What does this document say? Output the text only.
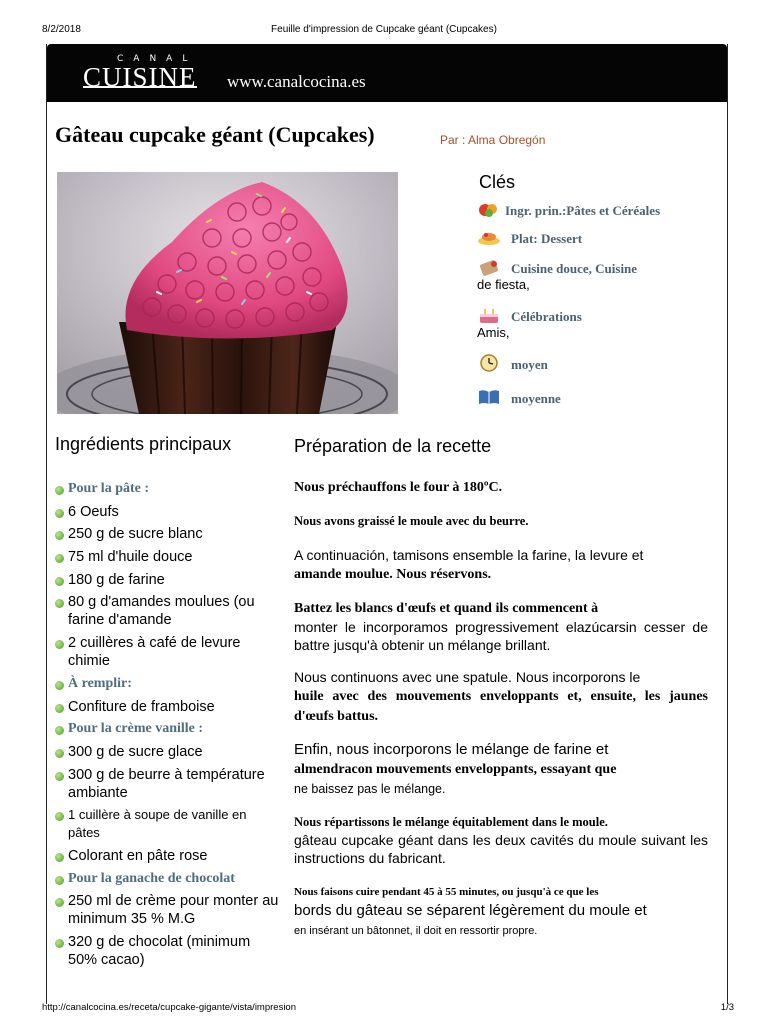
8/2/2018	Feuille d'impression de Cupcake géant (Cupcakes)
CANAL
CUISINE www.canalcocina.es
Gâteau cupcake géant (Cupcakes)	Par : Alma Obregón
Clés
Ingr. prin.:Pâtes et Céréales
Plat: Dessert
Cuisine douce, Cuisine
de fiesta,
Célébrations
Amis,
moyen
moyenne
Ingrédients principaux
Pour la pâte :
6 Oeufs
250 g de sucre blanc
75 ml d'huile douce
180 g de farine
80 g d'amandes moulues (ou farine d'amande
2 cuillères à café de levure chimie
À remplir:
Confiture de framboise
Pour la crème vanille :
300 g de sucre glace
300 g de beurre à température ambiante
1 cuillère à soupe de vanille en pâtes
Colorant en pâte rose
Pour la ganache de chocolat
250 ml de crème pour monter au minimum 35 % M.G
320 g de chocolat (minimum 50% cacao)
Préparation de la recette

Nous préchauffons le four à 180ºC.

Nous avons graissé le moule avec du beurre.

A continuación, tamisons ensemble la farine, la levure et
amande moulue. Nous réservons.

Battez les blancs d'œufs et quand ils commencent à
monter le incorporamos progressivement elazúcarsin cesser de battre jusqu'à obtenir un mélange brillant.

Nous continuons avec une spatule. Nous incorporons le
huile avec des mouvements enveloppants et, ensuite, les jaunes d'œufs battus.

Enfin, nous incorporons le mélange de farine et
almendracon mouvements enveloppants, essayant que
ne baissez pas le mélange.

Nous répartissons le mélange équitablement dans le moule.
gâteau cupcake géant dans les deux cavités du moule suivant les instructions du fabricant.

Nous faisons cuire pendant 45 à 55 minutes, ou jusqu'à ce que les
bords du gâteau se séparent légèrement du moule et
en insérant un bâtonnet, il doit en ressortir propre.

http://canalcocina.es/receta/cupcake-gigante/vista/impresion	1/3
